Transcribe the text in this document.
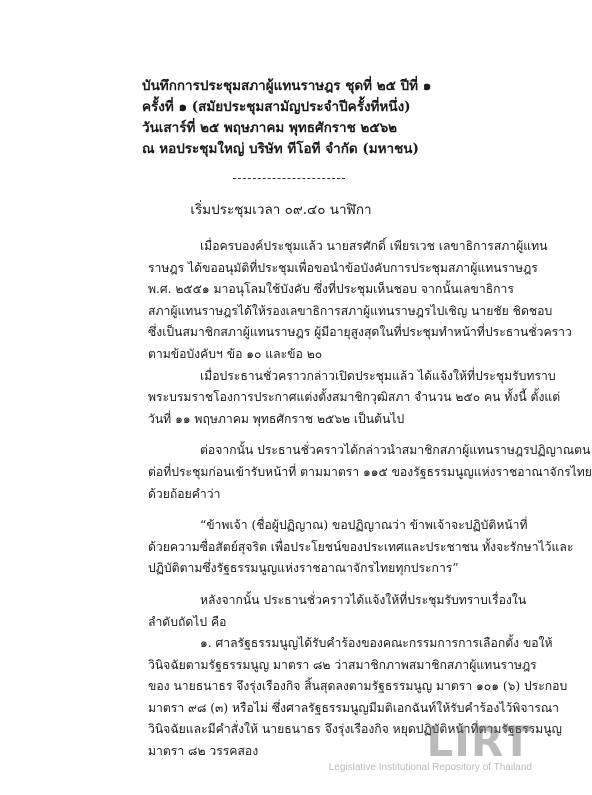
บันทึกการประชุมสภาผู้แทนราษฎร ชุดที่ ๒๕ ปีที่ ๑
ครั้งที่ ๑ (สมัยประชุมสามัญประจำปีครั้งที่หนึ่ง)
วันเสาร์ที่ ๒๕ พฤษภาคม พุทธศักราช ๒๕๖๒
ณ หอประชุมใหญ่ บริษัท ทีโอที จำกัด (มหาชน)
เริ่มประชุมเวลา ๐๙.๔๐ นาฬิกา
เมื่อครบองค์ประชุมแล้ว นายสรศักดิ์ เพียรเวช เลขาธิการสภาผู้แทน
ราษฎร ได้ขออนุมัติที่ประชุมเพื่อขอนำข้อบังคับการประชุมสภาผู้แทนราษฎร
พ.ศ. ๒๕๕๑ มาอนุโลมใช้บังคับ ซึ่งที่ประชุมเห็นชอบ จากนั้นเลขาธิการ
สภาผู้แทนราษฎรได้ให้รองเลขาธิการสภาผู้แทนราษฎรไปเชิญ นายชัย ชิดชอบ
ซึ่งเป็นสมาชิกสภาผู้แทนราษฎร ผู้มีอายุสูงสุดในที่ประชุมทำหน้าที่ประธานชั่วคราว
ตามข้อบังคับฯ ข้อ ๑๐ และข้อ ๒๐
เมื่อประธานชั่วคราวกล่าวเปิดประชุมแล้ว ได้แจ้งให้ที่ประชุมรับทราบ
พระบรมราชโองการประกาศแต่งตั้งสมาชิกวุฒิสภา จำนวน ๒๕๐ คน ทั้งนี้ ตั้งแต่
วันที่ ๑๑ พฤษภาคม พุทธศักราช ๒๕๖๒ เป็นต้นไป
ต่อจากนั้น ประธานชั่วคราวได้กล่าวนำสมาชิกสภาผู้แทนราษฎรปฏิญาณตน
ต่อที่ประชุมก่อนเข้ารับหน้าที่ ตามมาตรา ๑๑๕ ของรัฐธรรมนูญแห่งราชอาณาจักรไทย
ด้วยถ้อยคำว่า
“ข้าพเจ้า (ชื่อผู้ปฏิญาณ) ขอปฏิญาณว่า ข้าพเจ้าจะปฏิบัติหน้าที่
ด้วยความซื่อสัตย์สุจริต เพื่อประโยชน์ของประเทศและประชาชน ทั้งจะรักษาไว้และ
ปฏิบัติตามซึ่งรัฐธรรมนูญแห่งราชอาณาจักรไทยทุกประการ”
หลังจากนั้น ประธานชั่วคราวได้แจ้งให้ที่ประชุมรับทราบเรื่องใน
ลำดับถัดไป คือ
๑. ศาลรัฐธรรมนูญได้รับคำร้องของคณะกรรมการการเลือกตั้ง ขอให้
วินิจฉัยตามรัฐธรรมนูญ มาตรา ๘๒ ว่าสมาชิกภาพสมาชิกสภาผู้แทนราษฎร
ของ นายธนาธร จึงรุ่งเรืองกิจ สิ้นสุดลงตามรัฐธรรมนูญ มาตรา ๑๐๑ (๖) ประกอบ
มาตรา ๙๘ (๓) หรือไม่ ซึ่งศาลรัฐธรรมนูญมีมติเอกฉันท์ให้รับคำร้องไว้พิจารณา
วินิจฉัยและมีคำสั่งให้ นายธนาธร จึงรุ่งเรืองกิจ หยุดปฏิบัติหน้าที่ตามรัฐธรรมนูญ
มาตรา ๘๒ วรรคสอง	LIRT
Legislative Institutional Repository of Thailand
